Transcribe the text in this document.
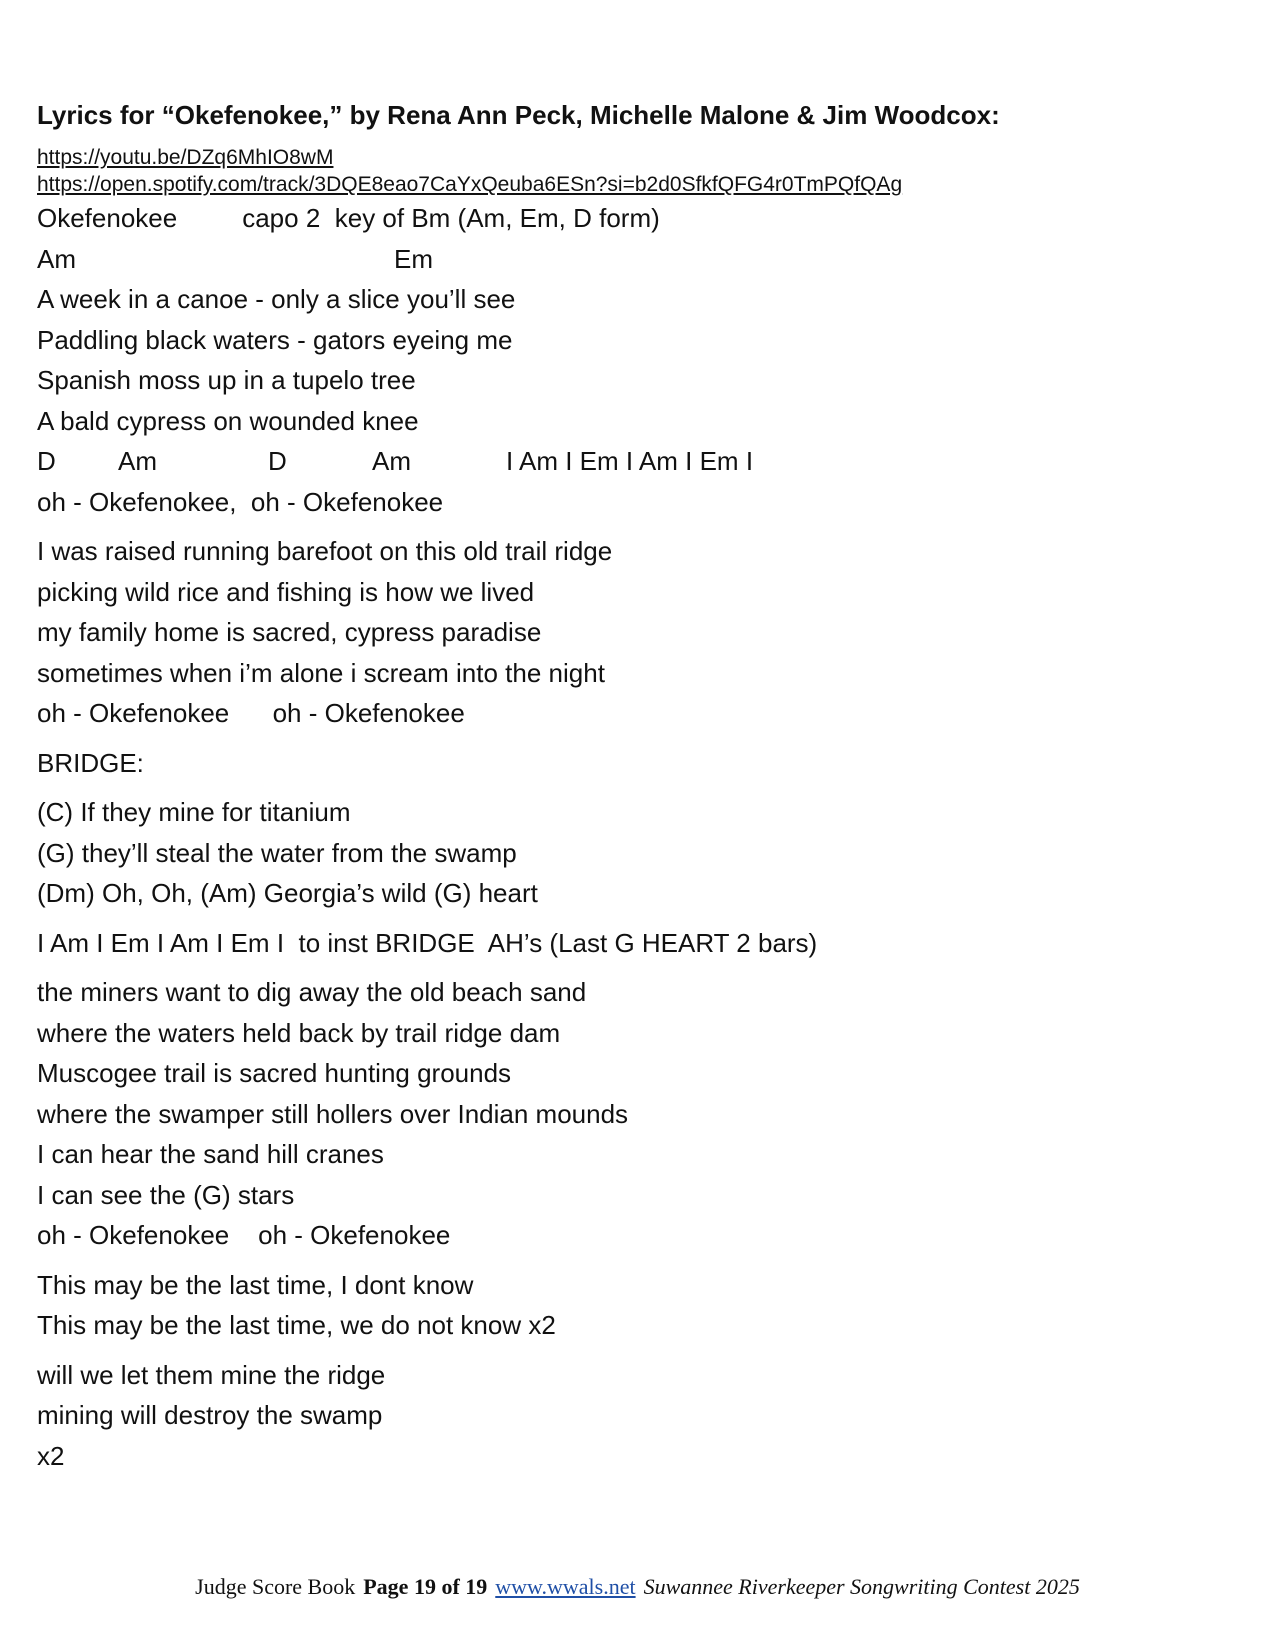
Lyrics for “Okefenokee,” by Rena Ann Peck, Michelle Malone & Jim Woodcox:
https://youtu.be/DZq6MhIO8wM
https://open.spotify.com/track/3DQE8eao7CaYxQeuba6ESn?si=b2d0SfkfQFG4r0TmPQfQAg
Okefenokee         capo 2  key of Bm (Am, Em, D form)
Am	Em
A week in a canoe - only a slice you’ll see
Paddling black waters - gators eyeing me
Spanish moss up in a tupelo tree
A bald cypress on wounded knee
D Am	D	Am	I Am I Em I Am I Em I
oh - Okefenokee,  oh - Okefenokee
I was raised running barefoot on this old trail ridge
picking wild rice and fishing is how we lived
my family home is sacred, cypress paradise
sometimes when i’m alone i scream into the night
oh - Okefenokee      oh - Okefenokee
BRIDGE:
(C) If they mine for titanium
(G) they’ll steal the water from the swamp
(Dm) Oh, Oh, (Am) Georgia’s wild (G) heart
I Am I Em I Am I Em I  to inst BRIDGE  AH’s (Last G HEART 2 bars)
the miners want to dig away the old beach sand
where the waters held back by trail ridge dam
Muscogee trail is sacred hunting grounds
where the swamper still hollers over Indian mounds
I can hear the sand hill cranes
I can see the (G) stars
oh - Okefenokee    oh - Okefenokee
This may be the last time, I dont know
This may be the last time, we do not know x2
will we let them mine the ridge
mining will destroy the swamp
x2
Judge Score Book Page 19 of 19 www.wwals.net Suwannee Riverkeeper Songwriting Contest 2025
